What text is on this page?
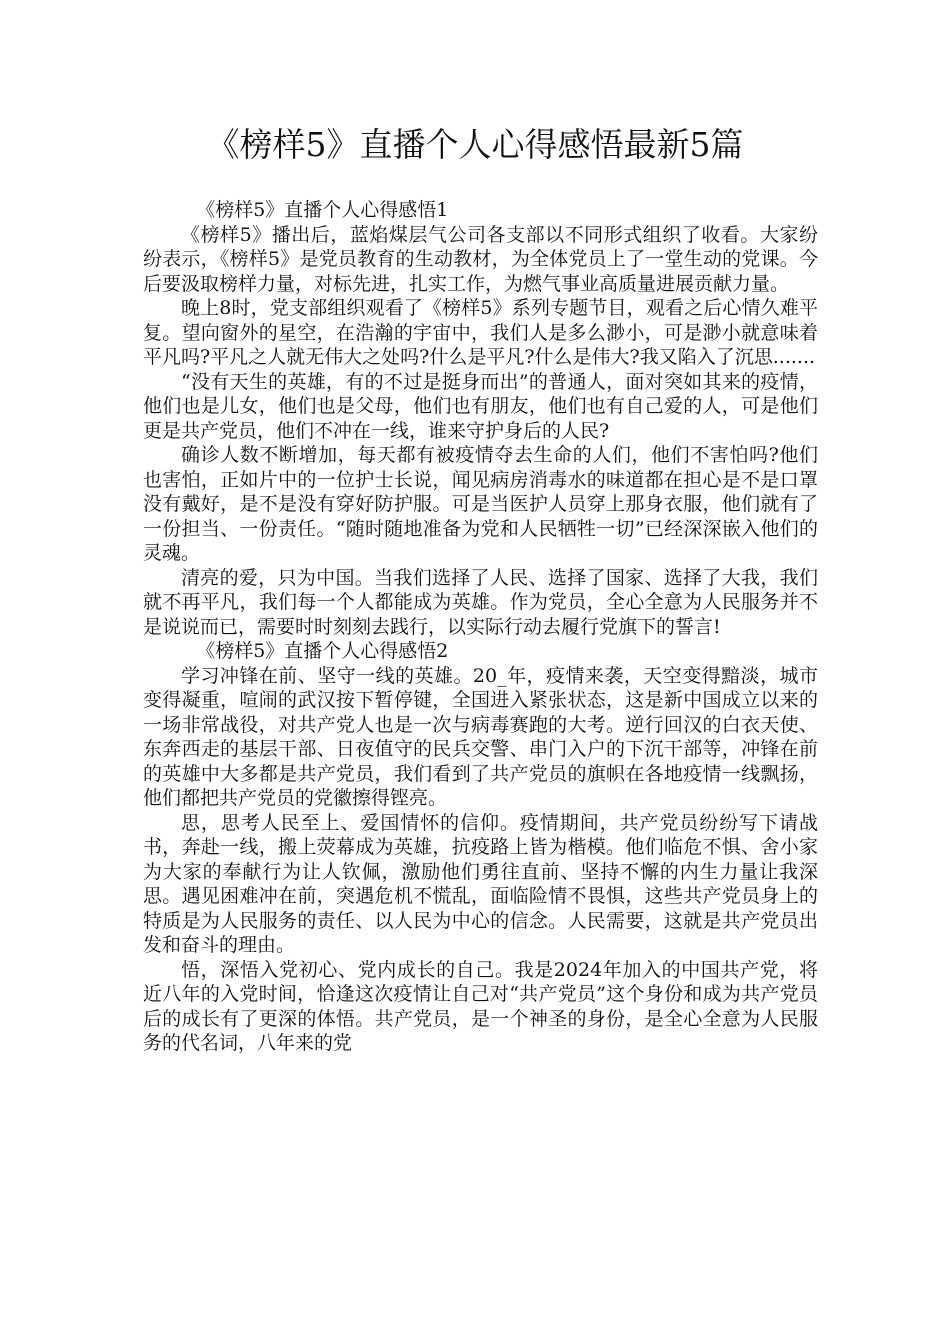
《榜样5》直播个人心得感悟最新5篇

《榜样5》直播个人心得感悟1

《榜样5》播出后，蓝焰煤层气公司各支部以不同形式组织了收看。大家纷纷表示，《榜样5》是党员教育的生动教材，为全体党员上了一堂生动的党课。今后要汲取榜样力量，对标先进，扎实工作，为燃气事业高质量进展贡献力量。

晚上8时，党支部组织观看了《榜样5》系列专题节目，观看之后心情久难平复。望向窗外的星空，在浩瀚的宇宙中，我们人是多么渺小，可是渺小就意味着平凡吗?平凡之人就无伟大之处吗?什么是平凡?什么是伟大?我又陷入了沉思.......

“没有天生的英雄，有的不过是挺身而出”的普通人，面对突如其来的疫情，他们也是儿女，他们也是父母，他们也有朋友，他们也有自己爱的人，可是他们更是共产党员，他们不冲在一线，谁来守护身后的人民?

确诊人数不断增加，每天都有被疫情夺去生命的人们，他们不害怕吗?他们也害怕，正如片中的一位护士长说，闻见病房消毒水的味道都在担心是不是口罩没有戴好，是不是没有穿好防护服。可是当医护人员穿上那身衣服，他们就有了一份担当、一份责任。“随时随地准备为党和人民牺牲一切”已经深深嵌入他们的灵魂。

清亮的爱，只为中国。当我们选择了人民、选择了国家、选择了大我，我们就不再平凡，我们每一个人都能成为英雄。作为党员，全心全意为人民服务并不是说说而已，需要时时刻刻去践行，以实际行动去履行党旗下的誓言!

《榜样5》直播个人心得感悟2

学习冲锋在前、坚守一线的英雄。20_年，疫情来袭，天空变得黯淡，城市变得凝重，喧闹的武汉按下暂停键，全国进入紧张状态，这是新中国成立以来的一场非常战役，对共产党人也是一次与病毒赛跑的大考。逆行回汉的白衣天使、东奔西走的基层干部、日夜值守的民兵交警、串门入户的下沉干部等，冲锋在前的英雄中大多都是共产党员，我们看到了共产党员的旗帜在各地疫情一线飘扬，他们都把共产党员的党徽擦得铿亮。

思，思考人民至上、爱国情怀的信仰。疫情期间，共产党员纷纷写下请战书，奔赴一线，搬上荧幕成为英雄，抗疫路上皆为楷模。他们临危不惧、舍小家为大家的奉献行为让人钦佩，激励他们勇往直前、坚持不懈的内生力量让我深思。遇见困难冲在前，突遇危机不慌乱，面临险情不畏惧，这些共产党员身上的特质是为人民服务的责任、以人民为中心的信念。人民需要，这就是共产党员出发和奋斗的理由。

悟，深悟入党初心、党内成长的自己。我是2024年加入的中国共产党，将近八年的入党时间，恰逢这次疫情让自己对“共产党员”这个身份和成为共产党员后的成长有了更深的体悟。共产党员，是一个神圣的身份，是全心全意为人民服务的代名词，八年来的党
